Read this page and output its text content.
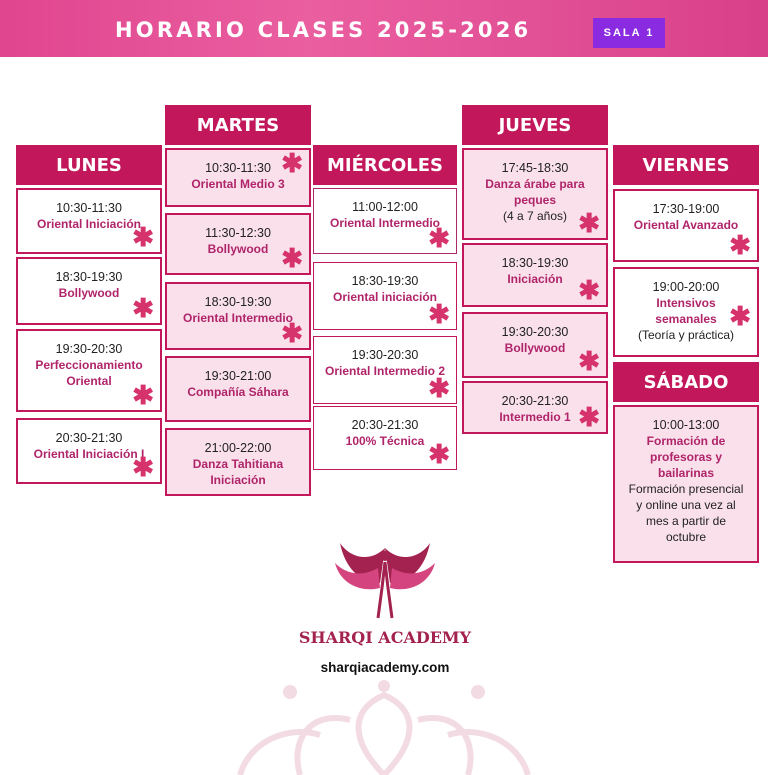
HORARIO CLASES 2025-2026	SALA 1
LUNES
10:30-11:30
Oriental Iniciación
✱
18:30-19:30
Bollywood ✱
19:30-20:30
Perfeccionamiento Oriental ✱
20:30-21:30
Oriental Iniciación I
✱
MARTES
10:30-11:30
Oriental Medio 3
✱
11:30-12:30
Bollywood ✱
18:30-19:30
Oriental Intermedio
✱
19:30-21:00
Compañía Sáhara
21:00-22:00
Danza Tahitiana Iniciación
MIÉRCOLES
11:00-12:00
Oriental Intermedio
✱
18:30-19:30
Oriental iniciación
✱
19:30-20:30
Oriental Intermedio 2
✱
20:30-21:30
100% Técnica ✱
JUEVES
17:45-18:30
Danza árabe para peques
(4 a 7 años) ✱
18:30-19:30
Iniciación ✱
19:30-20:30
Bollywood ✱
20:30-21:30
Intermedio 1 ✱
VIERNES
17:30-19:00
Oriental Avanzado
✱
19:00-20:00
Intensivos semanales
(Teoría y práctica)
✱
SÁBADO
10:00-13:00
Formación de profesoras y bailarinas
Formación presencial y online una vez al mes a partir de octubre
SHARQI ACADEMY
sharqiacademy.com
